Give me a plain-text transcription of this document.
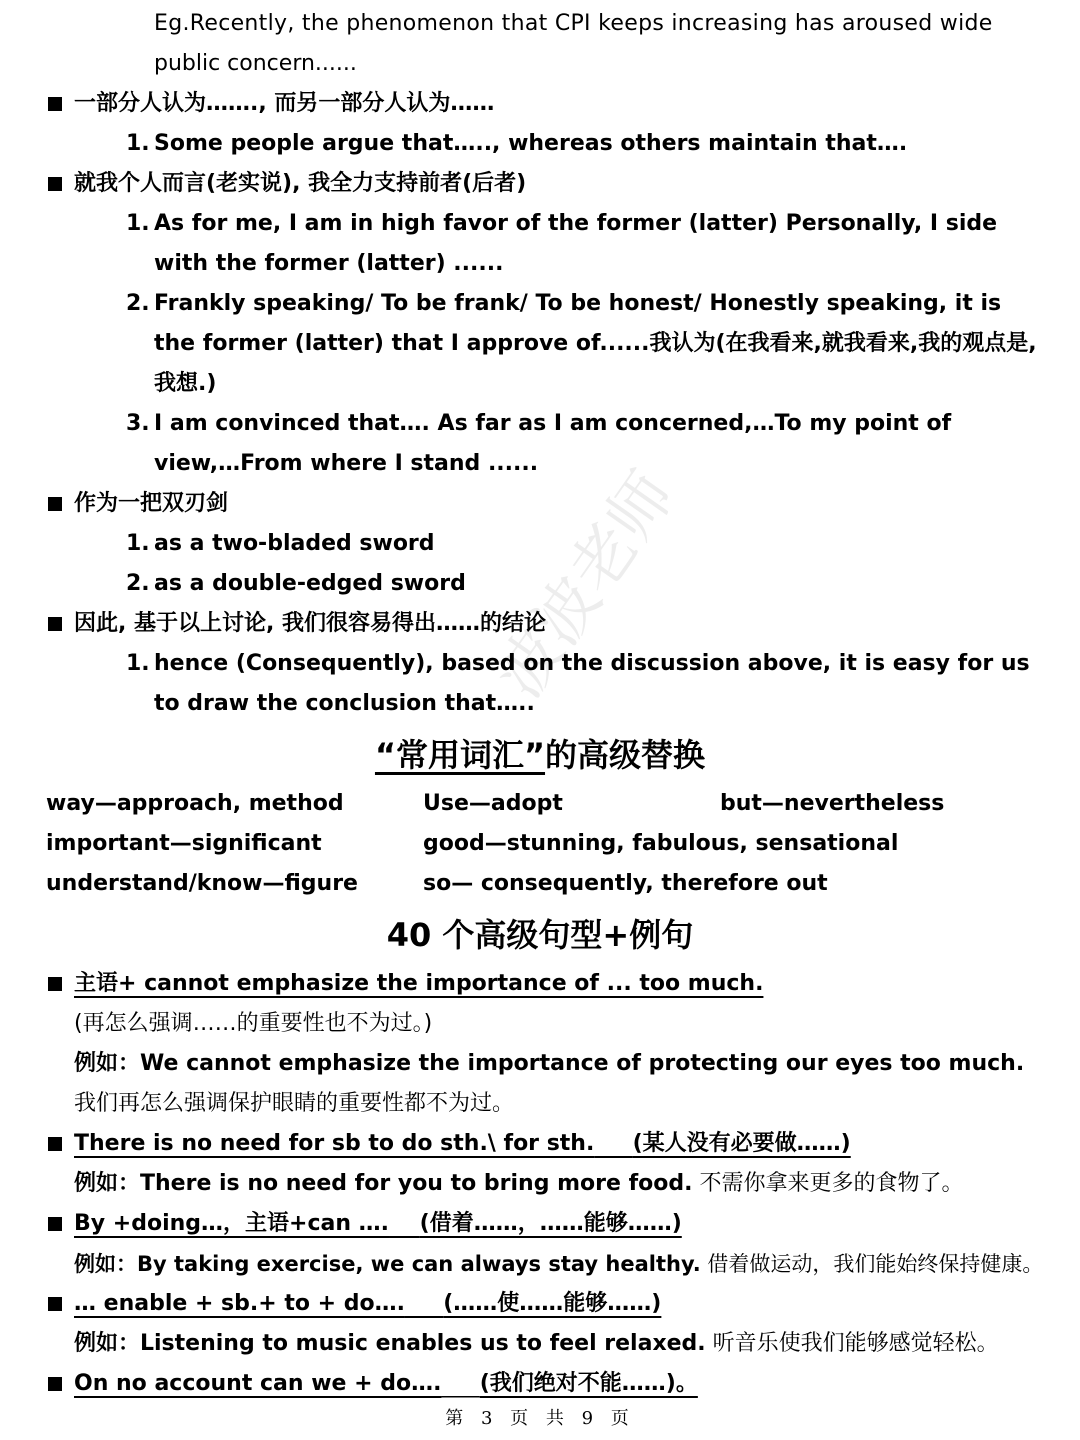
Eg.Recently, the phenomenon that CPI keeps increasing has aroused wide
public concern......
一部分人认为……., 而另一部分人认为……
1. Some people argue that….., whereas others maintain that….
就我个人而言(老实说), 我全力支持前者(后者)
1. As for me, I am in high favor of the former (latter) Personally, I side
with the former (latter) ......
2. Frankly speaking/ To be frank/ To be honest/ Honestly speaking, it is
the former (latter) that I approve of......我认为(在我看来,就我看来,我的观点是,
我想.)
3. I am convinced that…. As far as I am concerned,…To my point of
view,…From where I stand ......
作为一把双刃剑
1. as a two-bladed sword
2. as a double-edged sword
因此, 基于以上讨论, 我们很容易得出……的结论
1. hence (Consequently), based on the discussion above, it is easy for us
to draw the conclusion that…..
波波老师
“常用词汇”的高级替换
way—approach, method	Use—adopt	but—nevertheless
important—significant	good—stunning, fabulous, sensational
understand/know—figure	so— consequently, therefore out
40 个高级句型+例句
主语+ cannot emphasize the importance of ... too much.
(再怎么强调……的重要性也不为过。)
例如：We cannot emphasize the importance of protecting our eyes too much.
我们再怎么强调保护眼睛的重要性都不为过。
There is no need for sb to do sth.\ for sth. (某人没有必要做……)
例如：There is no need for you to bring more food. 不需你拿来更多的食物了。
By +doing…，主语+can …. (借着……，……能够……)
例如：By taking exercise, we can always stay healthy. 借着做运动，我们能始终保持健康。
… enable + sb.+ to + do…. (……使……能够……)
例如：Listening to music enables us to feel relaxed. 听音乐使我们能够感觉轻松。
On no account can we + do…. (我们绝对不能……)。
第 3 页 共 9 页
